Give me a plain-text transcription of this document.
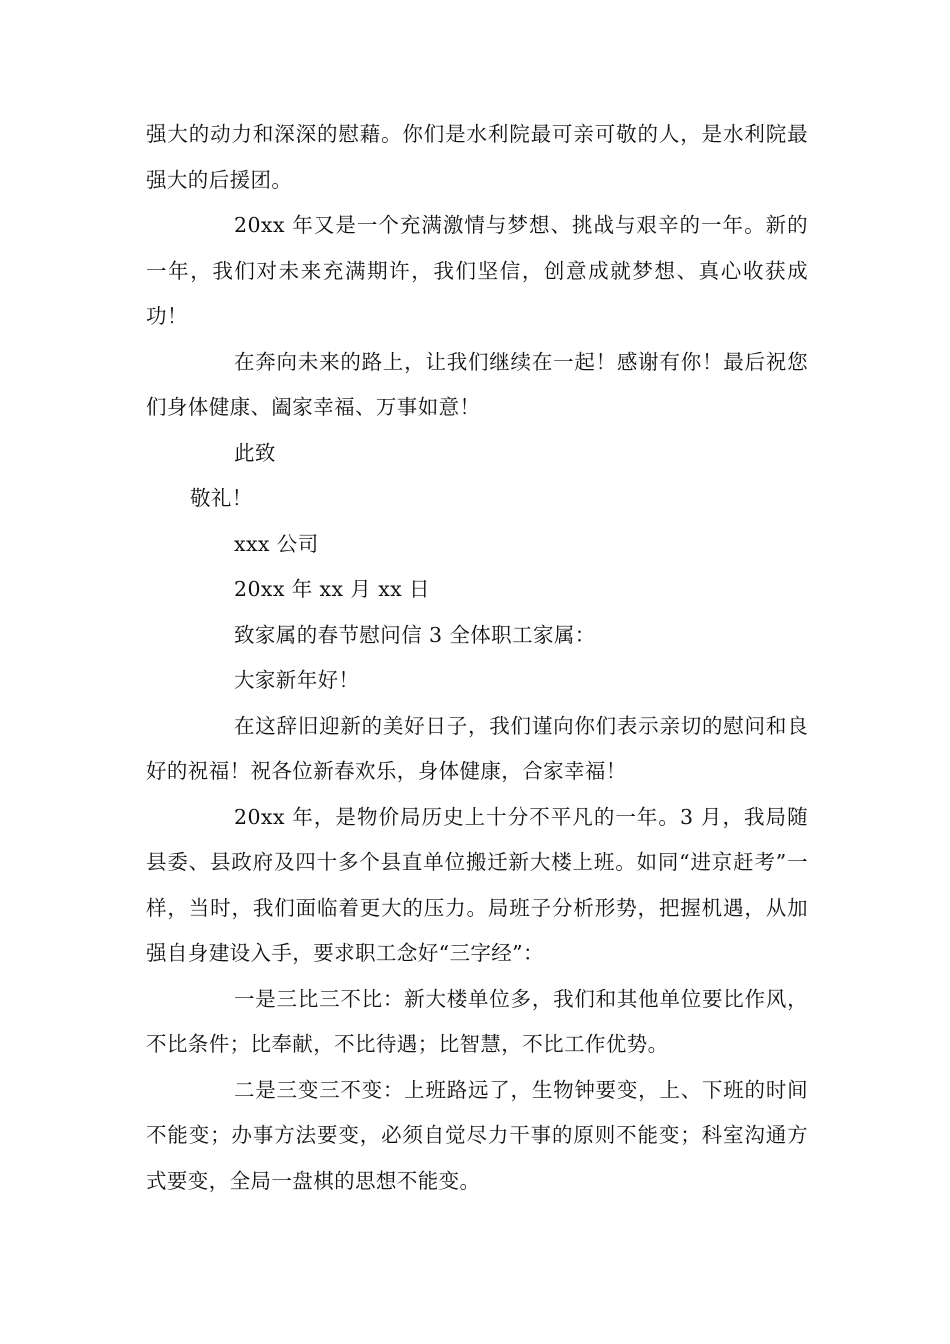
强大的动力和深深的慰藉。你们是水利院最可亲可敬的人，是水利院最强大的后援团。

20xx 年又是一个充满激情与梦想、挑战与艰辛的一年。新的一年，我们对未来充满期许，我们坚信，创意成就梦想、真心收获成功！

在奔向未来的路上，让我们继续在一起！感谢有你！最后祝您们身体健康、阖家幸福、万事如意！

此致

敬礼！

xxx 公司

20xx 年 xx 月 xx 日

致家属的春节慰问信 3 全体职工家属：

大家新年好！

在这辞旧迎新的美好日子，我们谨向你们表示亲切的慰问和良好的祝福！祝各位新春欢乐，身体健康，合家幸福！

20xx 年，是物价局历史上十分不平凡的一年。3 月，我局随县委、县政府及四十多个县直单位搬迁新大楼上班。如同“进京赶考”一样，当时，我们面临着更大的压力。局班子分析形势，把握机遇，从加强自身建设入手，要求职工念好“三字经”：

一是三比三不比：新大楼单位多，我们和其他单位要比作风，不比条件；比奉献，不比待遇；比智慧，不比工作优势。

二是三变三不变：上班路远了，生物钟要变，上、下班的时间不能变；办事方法要变，必须自觉尽力干事的原则不能变；科室沟通方式要变，全局一盘棋的思想不能变。
